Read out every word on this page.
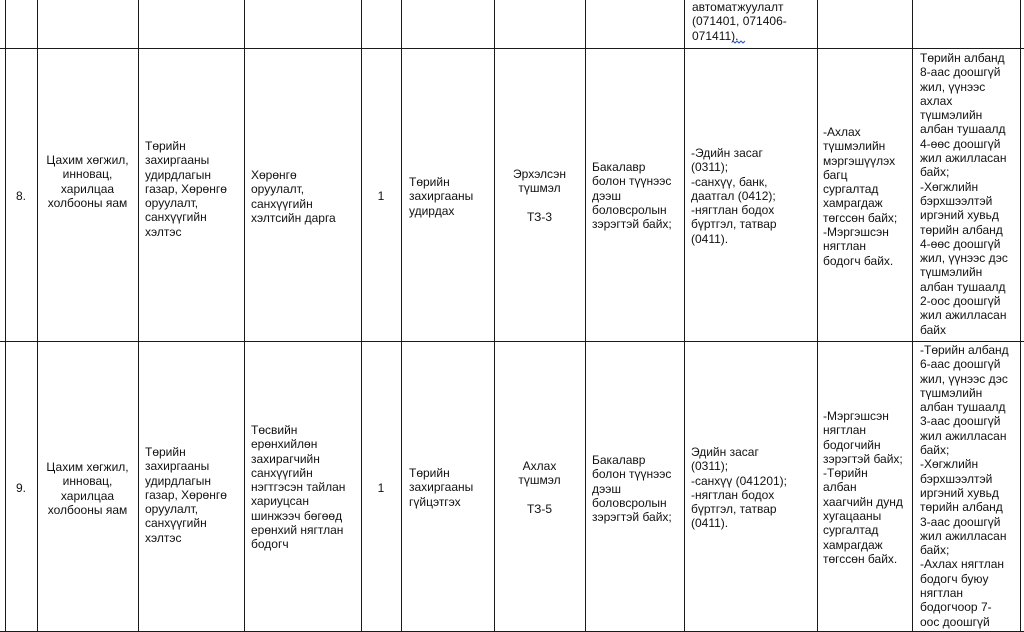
автоматжуулалт
(071401, 071406-
071411).

8.

Цахим хөгжил,
инновац,
харилцаа
холбооны яам

Төрийн
захиргааны
удирдлагын
газар, Хөрөнгө
оруулалт,
санхүүгийн
хэлтэс

Хөрөнгө
оруулалт,
санхүүгийн
хэлтсийн дарга

1

Төрийн
захиргааны
удирдах

Эрхэлсэн
түшмэл

ТЗ-3

Бакалавр
болон түүнээс
дээш
боловсролын
зэрэгтэй байх;

-Эдийн засаг
(0311);
-санхүү, банк,
даатгал (0412);
-нягтлан бодох
бүртгэл, татвар
(0411).

-Ахлах
түшмэлийн
мэргэшүүлэх
багц
сургалтад
хамрагдаж
төгссөн байх;
-Мэргэшсэн
нягтлан
бодогч байх.

Төрийн албанд
8-аас доошгүй
жил, үүнээс
ахлах
түшмэлийн
албан тушаалд
4-өөс доошгүй
жил ажилласан
байх;
-Хөгжлийн
бэрхшээлтэй
иргэний хувьд
төрийн албанд
4-өөс доошгүй
жил, үүнээс дэс
түшмэлийн
албан тушаалд
2-оос доошгүй
жил ажилласан
байх

9.

Цахим хөгжил,
инновац,
харилцаа
холбооны яам

Төрийн
захиргааны
удирдлагын
газар, Хөрөнгө
оруулалт,
санхүүгийн
хэлтэс

Төсвийн
ерөнхийлөн
захирагчийн
санхүүгийн
нэгтгэсэн тайлан
хариуцсан
шинжээч бөгөөд
ерөнхий нягтлан
бодогч

1

Төрийн
захиргааны
гүйцэтгэх

Ахлах
түшмэл

ТЗ-5

Бакалавр
болон түүнээс
дээш
боловсролын
зэрэгтэй байх;

Эдийн засаг
(0311);
-санхүү (041201);
-нягтлан бодох
бүртгэл, татвар
(0411).

-Мэргэшсэн
нягтлан
бодогчийн
зэрэгтэй байх;
-Төрийн
албан
хаагчийн дунд
хугацааны
сургалтад
хамрагдаж
төгссөн байх.

-Төрийн албанд
6-аас доошгүй
жил, үүнээс дэс
түшмэлийн
албан тушаалд
3-аас доошгүй
жил ажилласан
байх;
-Хөгжлийн
бэрхшээлтэй
иргэний хувьд
төрийн албанд
3-аас доошгүй
жил ажилласан
байх;
-Ахлах нягтлан
бодогч буюу
нягтлан
бодогчоор 7-
оос доошгүй
